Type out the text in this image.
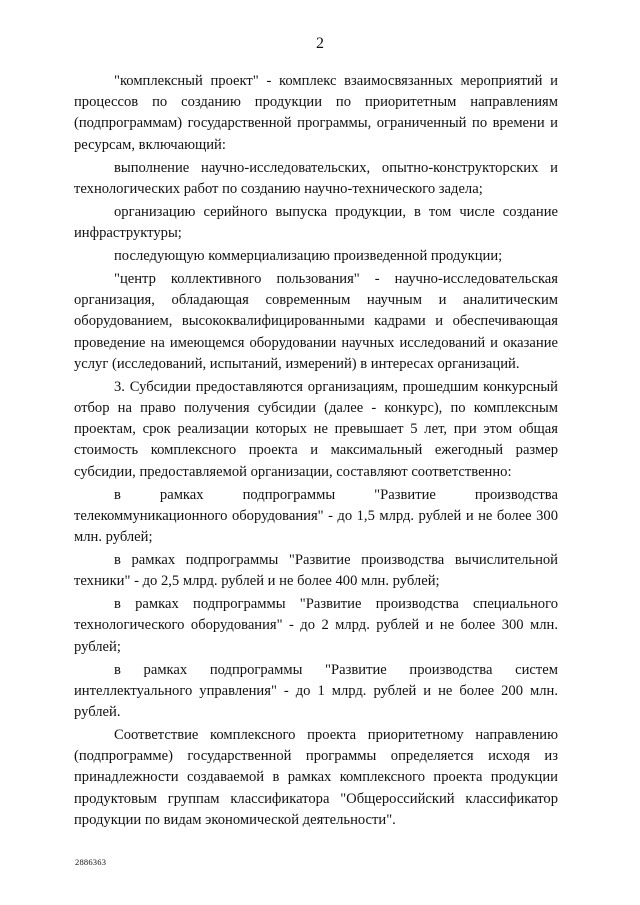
2

"комплексный проект" - комплекс взаимосвязанных мероприятий и процессов по созданию продукции по приоритетным направлениям (подпрограммам) государственной программы, ограниченный по времени и ресурсам, включающий:

выполнение научно-исследовательских, опытно-конструкторских и технологических работ по созданию научно-технического задела;

организацию серийного выпуска продукции, в том числе создание инфраструктуры;

последующую коммерциализацию произведенной продукции;

"центр коллективного пользования" - научно-исследовательская организация, обладающая современным научным и аналитическим оборудованием, высококвалифицированными кадрами и обеспечивающая проведение на имеющемся оборудовании научных исследований и оказание услуг (исследований, испытаний, измерений) в интересах организаций.

3. Субсидии предоставляются организациям, прошедшим конкурсный отбор на право получения субсидии (далее - конкурс), по комплексным проектам, срок реализации которых не превышает 5 лет, при этом общая стоимость комплексного проекта и максимальный ежегодный размер субсидии, предоставляемой организации, составляют соответственно:

в рамках подпрограммы "Развитие производства телекоммуникационного оборудования" - до 1,5 млрд. рублей и не более 300 млн. рублей;

в рамках подпрограммы "Развитие производства вычислительной техники" - до 2,5 млрд. рублей и не более 400 млн. рублей;

в рамках подпрограммы "Развитие производства специального технологического оборудования" - до 2 млрд. рублей и не более 300 млн. рублей;

в рамках подпрограммы "Развитие производства систем интеллектуального управления" - до 1 млрд. рублей и не более 200 млн. рублей.

Соответствие комплексного проекта приоритетному направлению (подпрограмме) государственной программы определяется исходя из принадлежности создаваемой в рамках комплексного проекта продукции продуктовым группам классификатора "Общероссийский классификатор продукции по видам экономической деятельности".

2886363
